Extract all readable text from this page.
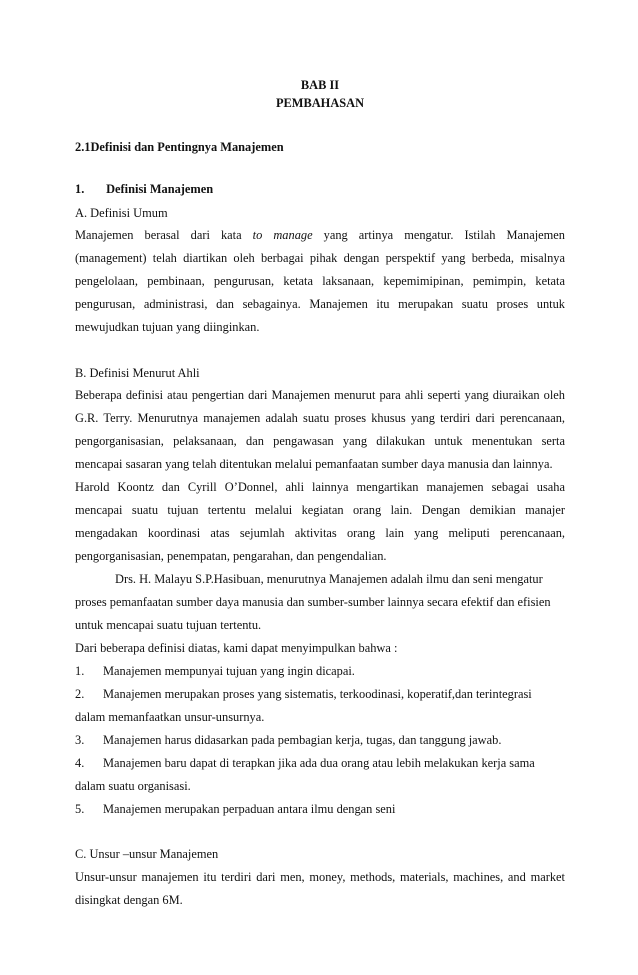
BAB II
PEMBAHASAN
2.1Definisi dan Pentingnya Manajemen
1. Definisi Manajemen
A. Definisi Umum
Manajemen berasal dari kata to manage yang artinya mengatur. Istilah Manajemen
(management) telah diartikan oleh berbagai pihak dengan perspektif yang berbeda, misalnya
pengelolaan, pembinaan, pengurusan, ketata laksanaan, kepemimipinan, pemimpin, ketata
pengurusan, administrasi, dan sebagainya. Manajemen itu merupakan suatu proses untuk
mewujudkan tujuan yang diinginkan.
B. Definisi Menurut Ahli
Beberapa definisi atau pengertian dari Manajemen menurut para ahli seperti yang diuraikan oleh
G.R. Terry. Menurutnya manajemen adalah suatu proses khusus yang terdiri dari perencanaan,
pengorganisasian, pelaksanaan, dan pengawasan yang dilakukan untuk menentukan serta
mencapai sasaran yang telah ditentukan melalui pemanfaatan sumber daya manusia dan lainnya.
Harold Koontz dan Cyrill O’Donnel, ahli lainnya mengartikan manajemen sebagai usaha
mencapai suatu tujuan tertentu melalui kegiatan orang lain. Dengan demikian manajer
mengadakan koordinasi atas sejumlah aktivitas orang lain yang meliputi perencanaan,
pengorganisasian, penempatan, pengarahan, dan pengendalian.
Drs. H. Malayu S.P.Hasibuan, menurutnya Manajemen adalah ilmu dan seni mengatur
proses pemanfaatan sumber daya manusia dan sumber-sumber lainnya secara efektif dan efisien
untuk mencapai suatu tujuan tertentu.
Dari beberapa definisi diatas, kami dapat menyimpulkan bahwa :
1. Manajemen mempunyai tujuan yang ingin dicapai.
2. Manajemen merupakan proses yang sistematis, terkoodinasi, koperatif,dan terintegrasi
dalam memanfaatkan unsur-unsurnya.
3. Manajemen harus didasarkan pada pembagian kerja, tugas, dan tanggung jawab.
4. Manajemen baru dapat di terapkan jika ada dua orang atau lebih melakukan kerja sama
dalam suatu organisasi.
5. Manajemen merupakan perpaduan antara ilmu dengan seni
C. Unsur –unsur Manajemen
Unsur-unsur manajemen itu terdiri dari men, money, methods, materials, machines, and market
disingkat dengan 6M.
